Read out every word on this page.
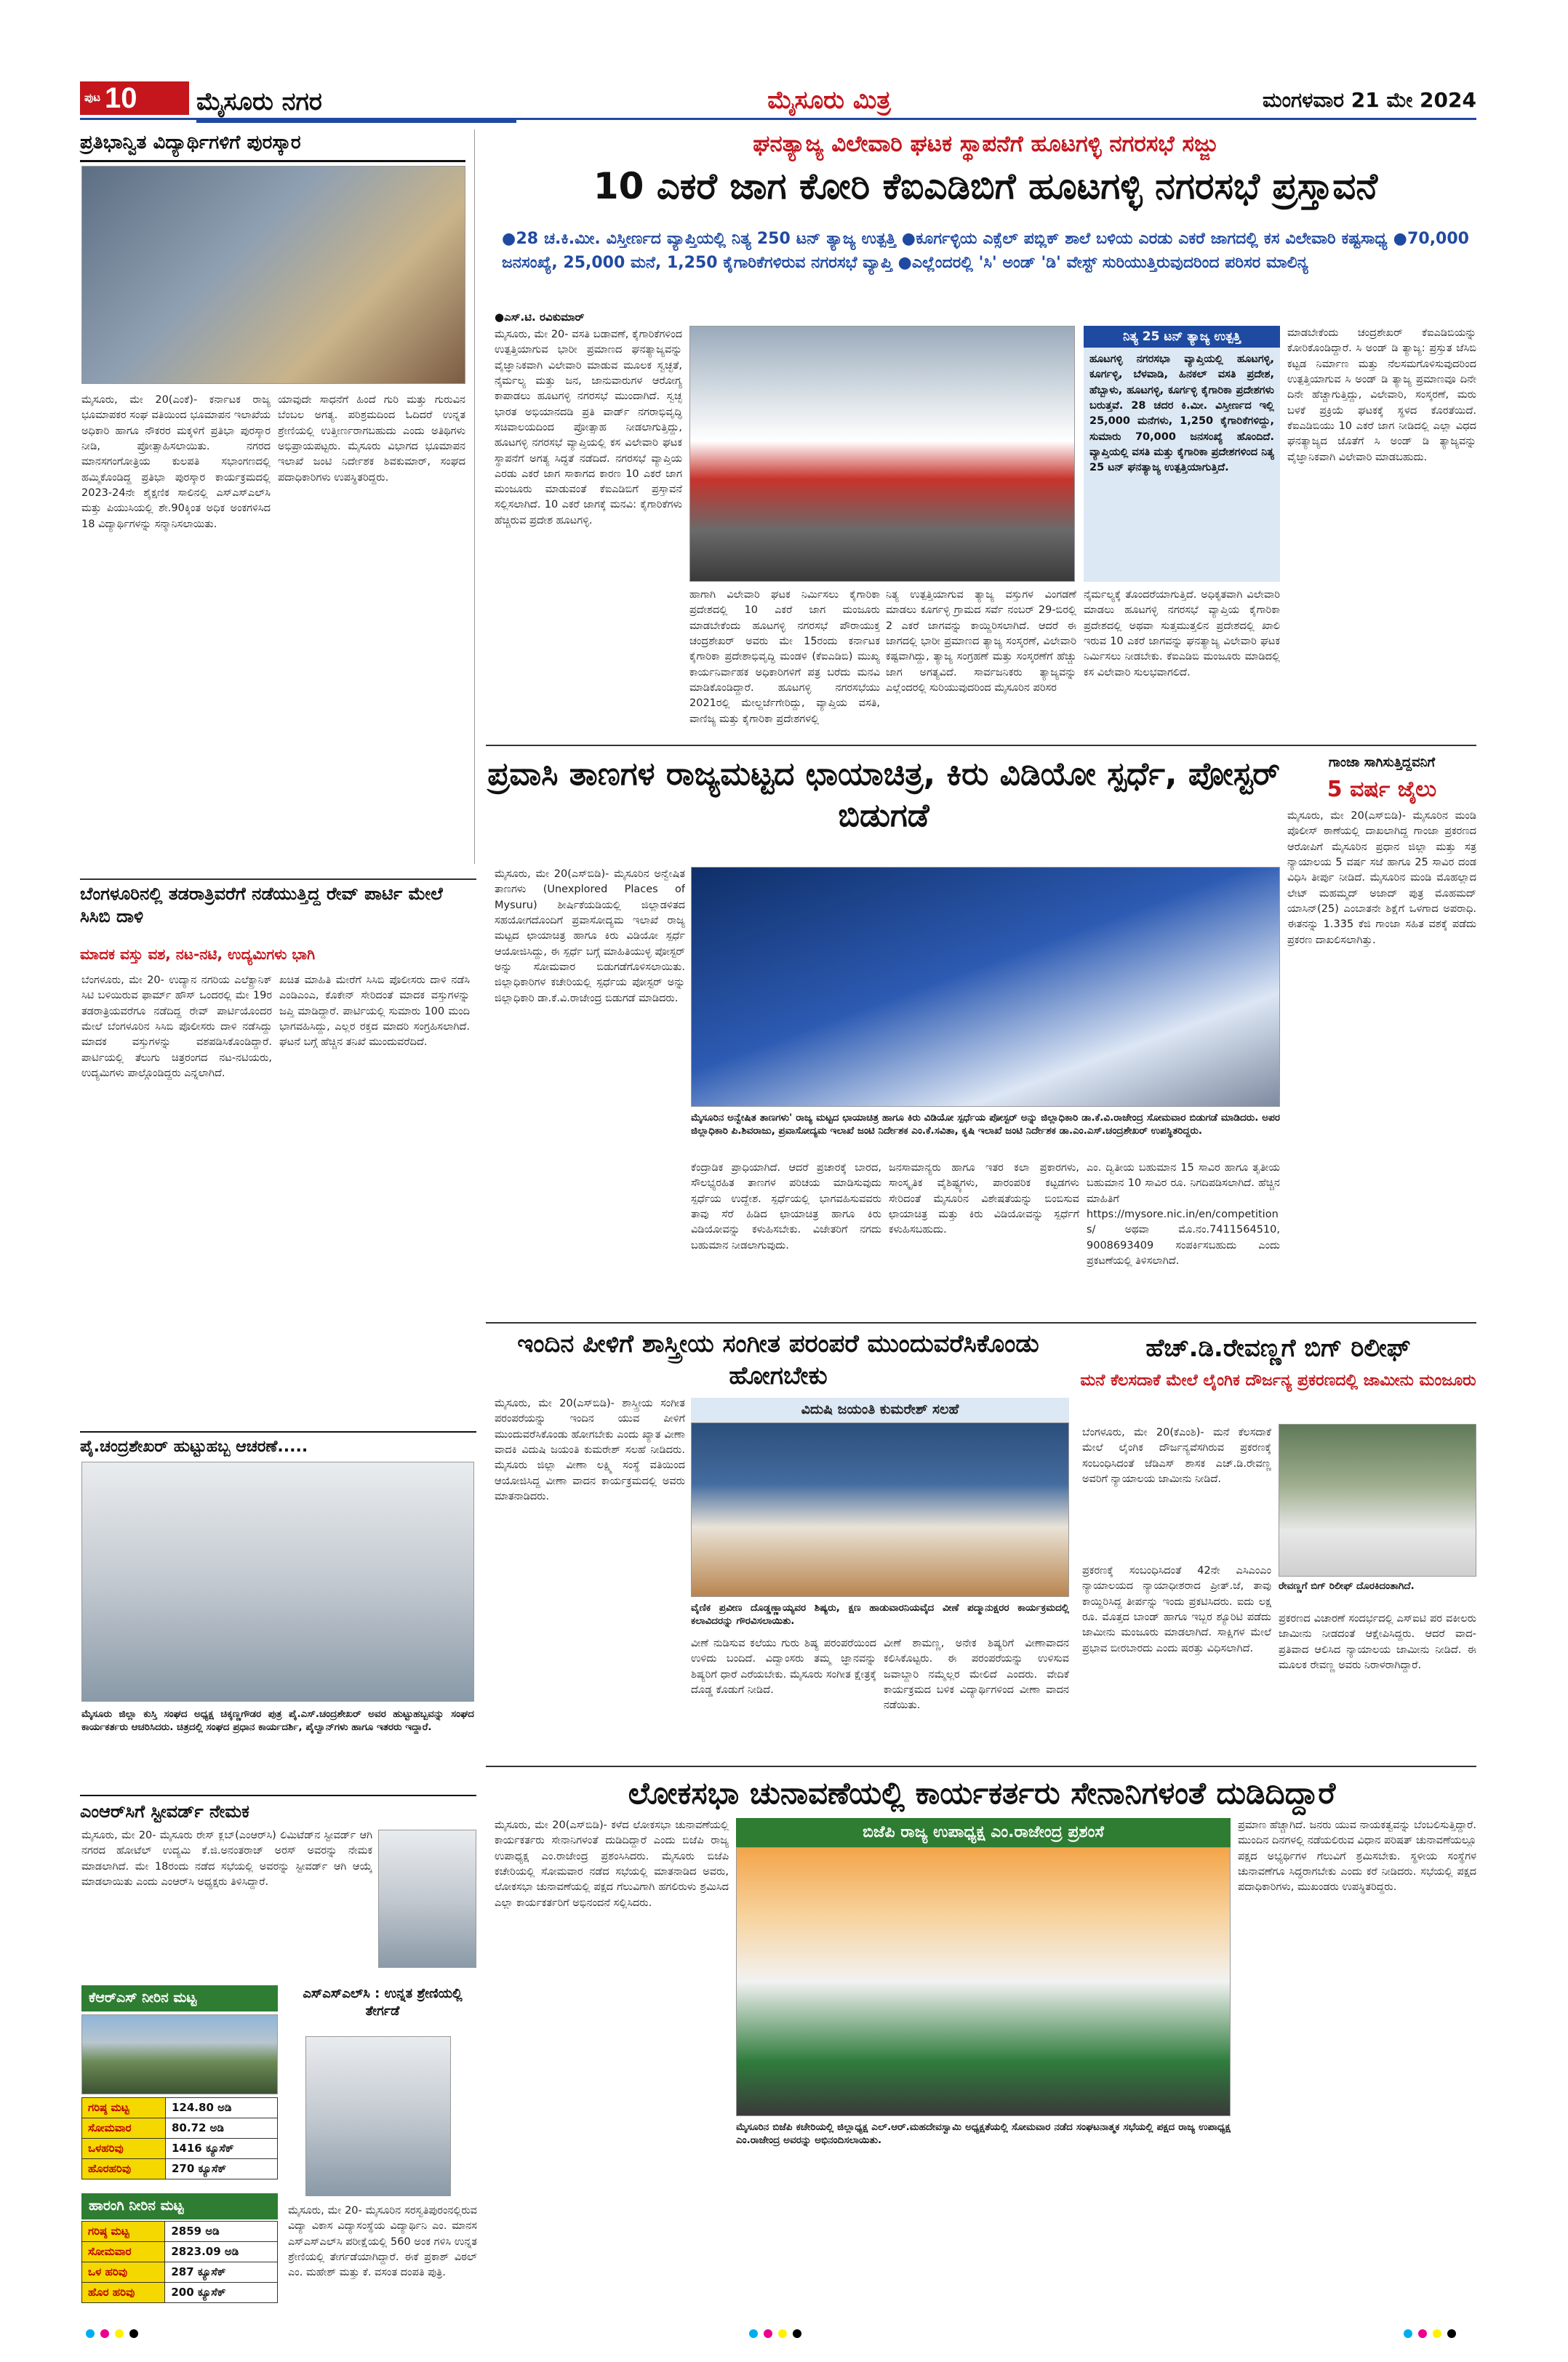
ಪುಟ 10 ಮೈಸೂರು ನಗರ	ಮೈಸೂರು ಮಿತ್ರ	ಮಂಗಳವಾರ 21 ಮೇ 2024
ಪ್ರತಿಭಾನ್ವಿತ ವಿದ್ಯಾರ್ಥಿಗಳಿಗೆ ಪುರಸ್ಕಾರ
ಮೈಸೂರು, ಮೇ 20(ಎಂಕೆ)- ಕರ್ನಾಟಕ ರಾಜ್ಯ ಭೂಮಾಪಕರ ಸಂಘ ವತಿಯಿಂದ ಭೂಮಾಪನ ಇಲಾಖೆಯ ಅಧಿಕಾರಿ ಹಾಗೂ ನೌಕರರ ಮಕ್ಕಳಿಗೆ ಪ್ರತಿಭಾ ಪುರಸ್ಕಾರ ನೀಡಿ, ಪ್ರೋತ್ಸಾಹಿಸಲಾಯಿತು. ನಗರದ ಮಾನಸಗಂಗೋತ್ರಿಯ ಕುಲಪತಿ ಸಭಾಂಗಣದಲ್ಲಿ ಹಮ್ಮಿಕೊಂಡಿದ್ದ ಪ್ರತಿಭಾ ಪುರಸ್ಕಾರ ಕಾರ್ಯಕ್ರಮದಲ್ಲಿ 2023-24ನೇ ಶೈಕ್ಷಣಿಕ ಸಾಲಿನಲ್ಲಿ ಎಸ್‌ಎಸ್‌ಎಲ್‌ಸಿ ಮತ್ತು ಪಿಯುಸಿಯಲ್ಲಿ ಶೇ.90ಕ್ಕಿಂತ ಅಧಿಕ ಅಂಕಗಳಿಸಿದ 18 ವಿದ್ಯಾರ್ಥಿಗಳನ್ನು ಸನ್ಮಾನಿಸಲಾಯಿತು.
ಯಾವುದೇ ಸಾಧನೆಗೆ ಹಿಂದೆ ಗುರಿ ಮತ್ತು ಗುರುವಿನ ಬೆಂಬಲ ಅಗತ್ಯ. ಪರಿಶ್ರಮದಿಂದ ಓದಿದರೆ ಉನ್ನತ ಶ್ರೇಣಿಯಲ್ಲಿ ಉತ್ತೀರ್ಣರಾಗಬಹುದು ಎಂದು ಅತಿಥಿಗಳು ಅಭಿಪ್ರಾಯಪಟ್ಟರು. ಮೈಸೂರು ವಿಭಾಗದ ಭೂಮಾಪನ ಇಲಾಖೆ ಜಂಟಿ ನಿರ್ದೇಶಕ ಶಿವಕುಮಾರ್, ಸಂಘದ ಪದಾಧಿಕಾರಿಗಳು ಉಪಸ್ಥಿತರಿದ್ದರು.
ಬೆಂಗಳೂರಿನಲ್ಲಿ ತಡರಾತ್ರಿವರೆಗೆ ನಡೆಯುತ್ತಿದ್ದ ರೇವ್ ಪಾರ್ಟಿ ಮೇಲೆ ಸಿಸಿಬಿ ದಾಳಿ
ಮಾದಕ ವಸ್ತು ವಶ, ನಟ-ನಟಿ, ಉದ್ಯಮಿಗಳು ಭಾಗಿ
ಬೆಂಗಳೂರು, ಮೇ 20- ಉದ್ಯಾನ ನಗರಿಯ ಎಲೆಕ್ಟ್ರಾನಿಕ್ ಸಿಟಿ ಬಳಿಯಿರುವ ಫಾರ್ಮ್ ಹೌಸ್ ಒಂದರಲ್ಲಿ ಮೇ 19ರ ತಡರಾತ್ರಿಯವರೆಗೂ ನಡೆದಿದ್ದ ರೇವ್ ಪಾರ್ಟಿಯೊಂದರ ಮೇಲೆ ಬೆಂಗಳೂರಿನ ಸಿಸಿಬಿ ಪೊಲೀಸರು ದಾಳಿ ನಡೆಸಿದ್ದು ಮಾದಕ ವಸ್ತುಗಳನ್ನು ವಶಪಡಿಸಿಕೊಂಡಿದ್ದಾರೆ. ಪಾರ್ಟಿಯಲ್ಲಿ ತೆಲುಗು ಚಿತ್ರರಂಗದ ನಟ-ನಟಿಯರು, ಉದ್ಯಮಿಗಳು ಪಾಲ್ಗೊಂಡಿದ್ದರು ಎನ್ನಲಾಗಿದೆ.
ಖಚಿತ ಮಾಹಿತಿ ಮೇರೆಗೆ ಸಿಸಿಬಿ ಪೊಲೀಸರು ದಾಳಿ ನಡೆಸಿ ಎಂಡಿಎಂಎ, ಕೊಕೇನ್ ಸೇರಿದಂತೆ ಮಾದಕ ವಸ್ತುಗಳನ್ನು ಜಪ್ತಿ ಮಾಡಿದ್ದಾರೆ. ಪಾರ್ಟಿಯಲ್ಲಿ ಸುಮಾರು 100 ಮಂದಿ ಭಾಗವಹಿಸಿದ್ದು, ಎಲ್ಲರ ರಕ್ತದ ಮಾದರಿ ಸಂಗ್ರಹಿಸಲಾಗಿದೆ. ಘಟನೆ ಬಗ್ಗೆ ಹೆಚ್ಚಿನ ತನಿಖೆ ಮುಂದುವರೆದಿದೆ.
ಪೈ.ಚಂದ್ರಶೇಖರ್ ಹುಟ್ಟುಹಬ್ಬ ಆಚರಣೆ.....
ಮೈಸೂರು ಜಿಲ್ಲಾ ಕುಸ್ತಿ ಸಂಘದ ಅಧ್ಯಕ್ಷ ಚಿಕ್ಕಣ್ಣಗೌಡರ ಪುತ್ರ ಪೈ.ಎಸ್.ಚಂದ್ರಶೇಖರ್ ಅವರ ಹುಟ್ಟುಹಬ್ಬವನ್ನು ಸಂಘದ ಕಾರ್ಯಕರ್ತರು ಆಚರಿಸಿದರು. ಚಿತ್ರದಲ್ಲಿ ಸಂಘದ ಪ್ರಧಾನ ಕಾರ್ಯದರ್ಶಿ, ಪೈಲ್ವಾನ್‌ಗಳು ಹಾಗೂ ಇತರರು ಇದ್ದಾರೆ.
ಎಂಆರ್‌ಸಿಗೆ ಸ್ಟೀವರ್ಡ್ ನೇಮಕ
ಮೈಸೂರು, ಮೇ 20- ಮೈಸೂರು ರೇಸ್ ಕ್ಲಬ್(ಎಂಆರ್‌ಸಿ) ಲಿಮಿಟೆಡ್‌ನ ಸ್ಟೀವರ್ಡ್ ಆಗಿ ನಗರದ ಹೋಟೆಲ್ ಉದ್ಯಮಿ ಕೆ.ಜಿ.ಅನಂತರಾಜ್ ಅರಸ್ ಅವರನ್ನು ನೇಮಕ ಮಾಡಲಾಗಿದೆ. ಮೇ 18ರಂದು ನಡೆದ ಸಭೆಯಲ್ಲಿ ಅವರನ್ನು ಸ್ಟೀವರ್ಡ್ ಆಗಿ ಆಯ್ಕೆ ಮಾಡಲಾಯಿತು ಎಂದು ಎಂಆರ್‌ಸಿ ಅಧ್ಯಕ್ಷರು ತಿಳಿಸಿದ್ದಾರೆ.
ಕೆಆರ್‌ಎಸ್ ನೀರಿನ ಮಟ್ಟ
ಗರಿಷ್ಠ ಮಟ್ಟ	124.80 ಅಡಿ
ಸೋಮವಾರ	80.72 ಅಡಿ
ಒಳಹರಿವು	1416 ಕ್ಯೂಸೆಕ್
ಹೊರಹರಿವು	270 ಕ್ಯೂಸೆಕ್
ಎಸ್‌ಎಸ್‌ಎಲ್‌ಸಿ : ಉನ್ನತ ಶ್ರೇಣಿಯಲ್ಲಿ ತೇರ್ಗಡೆ
ಮೈಸೂರು, ಮೇ 20- ಮೈಸೂರಿನ ಸರಸ್ವತಿಪುರಂನಲ್ಲಿರುವ ವಿದ್ಯಾ ವಿಕಾಸ ವಿದ್ಯಾಸಂಸ್ಥೆಯ ವಿದ್ಯಾರ್ಥಿನಿ ಎಂ. ಮಾನಸ ಎಸ್‌ಎಸ್‌ಎಲ್‌ಸಿ ಪರೀಕ್ಷೆಯಲ್ಲಿ 560 ಅಂಕ ಗಳಿಸಿ ಉನ್ನತ ಶ್ರೇಣಿಯಲ್ಲಿ ತೇರ್ಗಡೆಯಾಗಿದ್ದಾರೆ. ಈಕೆ ಪ್ರಕಾಶ್ ವಿಠಲ್ ಎಂ. ಮಹೇಶ್ ಮತ್ತು ಕೆ. ವಸಂತ ದಂಪತಿ ಪುತ್ರಿ.
ಘನತ್ಯಾಜ್ಯ ವಿಲೇವಾರಿ ಘಟಕ ಸ್ಥಾಪನೆಗೆ ಹೂಟಗಳ್ಳಿ ನಗರಸಭೆ ಸಜ್ಜು
10 ಎಕರೆ ಜಾಗ ಕೋರಿ ಕೆಐಎಡಿಬಿಗೆ ಹೂಟಗಳ್ಳಿ ನಗರಸಭೆ ಪ್ರಸ್ತಾವನೆ
●28 ಚ.ಕಿ.ಮೀ. ವಿಸ್ತೀರ್ಣದ ವ್ಯಾಪ್ತಿಯಲ್ಲಿ ನಿತ್ಯ 250 ಟನ್ ತ್ಯಾಜ್ಯ ಉತ್ಪತ್ತಿ ●ಕೂರ್ಗಳ್ಳಿಯ ಎಕ್ಸೆಲ್ ಪಬ್ಲಿಕ್ ಶಾಲೆ ಬಳಿಯ ಎರಡು ಎಕರೆ ಜಾಗದಲ್ಲಿ ಕಸ ವಿಲೇವಾರಿ ಕಷ್ಟಸಾಧ್ಯ ●70,000 ಜನಸಂಖ್ಯೆ, 25,000 ಮನೆ, 1,250 ಕೈಗಾರಿಕೆಗಳಿರುವ ನಗರಸಭೆ ವ್ಯಾಪ್ತಿ ●ಎಲ್ಲೆಂದರಲ್ಲಿ 'ಸಿ' ಅಂಡ್ 'ಡಿ' ವೇಸ್ಟ್ ಸುರಿಯುತ್ತಿರುವುದರಿಂದ ಪರಿಸರ ಮಾಲಿನ್ಯ
●ಎಸ್.ಟಿ. ರವಿಕುಮಾರ್
ಮೈಸೂರು, ಮೇ 20- ವಸತಿ ಬಡಾವಣೆ, ಕೈಗಾರಿಕೆಗಳಿಂದ ಉತ್ಪತ್ತಿಯಾಗುವ ಭಾರೀ ಪ್ರಮಾಣದ ಘನತ್ಯಾಜ್ಯವನ್ನು ವೈಜ್ಞಾನಿಕವಾಗಿ ವಿಲೇವಾರಿ ಮಾಡುವ ಮೂಲಕ ಸ್ವಚ್ಛತೆ, ನೈರ್ಮಲ್ಯ ಮತ್ತು ಜನ, ಜಾನುವಾರುಗಳ ಆರೋಗ್ಯ ಕಾಪಾಡಲು ಹೂಟಗಳ್ಳಿ ನಗರಸಭೆ ಮುಂದಾಗಿದೆ. ಸ್ವಚ್ಛ ಭಾರತ ಅಭಿಯಾನದಡಿ ಪ್ರತಿ ವಾರ್ಡ್ ನಗರಾಭಿವೃದ್ಧಿ ಸಚಿವಾಲಯದಿಂದ ಪ್ರೋತ್ಸಾಹ ನೀಡಲಾಗುತ್ತಿದ್ದು, ಹೂಟಗಳ್ಳಿ ನಗರಸಭೆ ವ್ಯಾಪ್ತಿಯಲ್ಲಿ ಕಸ ವಿಲೇವಾರಿ ಘಟಕ ಸ್ಥಾಪನೆಗೆ ಅಗತ್ಯ ಸಿದ್ಧತೆ ನಡೆದಿದೆ. ನಗರಸಭೆ ವ್ಯಾಪ್ತಿಯ ಎರಡು ಎಕರೆ ಜಾಗ ಸಾಕಾಗದ ಕಾರಣ 10 ಎಕರೆ ಜಾಗ ಮಂಜೂರು ಮಾಡುವಂತೆ ಕೆಐಎಡಿಬಿಗೆ ಪ್ರಸ್ತಾವನೆ ಸಲ್ಲಿಸಲಾಗಿದೆ. 10 ಎಕರೆ ಜಾಗಕ್ಕೆ ಮನವಿ: ಕೈಗಾರಿಕೆಗಳು ಹೆಚ್ಚಿರುವ ಪ್ರದೇಶ ಹೂಟಗಳ್ಳಿ.
ನಿತ್ಯ 25 ಟನ್ ತ್ಯಾಜ್ಯ ಉತ್ಪತ್ತಿ
ಹೂಟಗಳ್ಳಿ ನಗರಸಭಾ ವ್ಯಾಪ್ತಿಯಲ್ಲಿ ಹೂಟಗಳ್ಳಿ, ಕೂರ್ಗಳ್ಳಿ, ಬೆಳವಾಡಿ, ಹಿನಕಲ್ ವಸತಿ ಪ್ರದೇಶ, ಹೆಬ್ಬಾಳು, ಹೂಟಗಳ್ಳಿ, ಕೂರ್ಗಳ್ಳಿ ಕೈಗಾರಿಕಾ ಪ್ರದೇಶಗಳು ಬರುತ್ತವೆ. 28 ಚದರ ಕಿ.ಮೀ. ವಿಸ್ತೀರ್ಣದ ಇಲ್ಲಿ 25,000 ಮನೆಗಳು, 1,250 ಕೈಗಾರಿಕೆಗಳಿದ್ದು, ಸುಮಾರು 70,000 ಜನಸಂಖ್ಯೆ ಹೊಂದಿದೆ. ವ್ಯಾಪ್ತಿಯಲ್ಲಿ ವಸತಿ ಮತ್ತು ಕೈಗಾರಿಕಾ ಪ್ರದೇಶಗಳಿಂದ ನಿತ್ಯ 25 ಟನ್ ಘನತ್ಯಾಜ್ಯ ಉತ್ಪತ್ತಿಯಾಗುತ್ತಿದೆ.
ಹಾಗಾಗಿ ವಿಲೇವಾರಿ ಘಟಕ ನಿರ್ಮಿಸಲು ಕೈಗಾರಿಕಾ ಪ್ರದೇಶದಲ್ಲಿ 10 ಎಕರೆ ಜಾಗ ಮಂಜೂರು ಮಾಡಬೇಕೆಂದು ಹೂಟಗಳ್ಳಿ ನಗರಸಭೆ ಪೌರಾಯುಕ್ತ ಚಂದ್ರಶೇಖರ್ ಅವರು ಮೇ 15ರಂದು ಕರ್ನಾಟಕ ಕೈಗಾರಿಕಾ ಪ್ರದೇಶಾಭಿವೃದ್ಧಿ ಮಂಡಳಿ (ಕೆಐಎಡಿಬಿ) ಮುಖ್ಯ ಕಾರ್ಯನಿರ್ವಾಹಕ ಅಧಿಕಾರಿಗಳಿಗೆ ಪತ್ರ ಬರೆದು ಮನವಿ ಮಾಡಿಕೊಂಡಿದ್ದಾರೆ. ಹೂಟಗಳ್ಳಿ ನಗರಸಭೆಯು 2021ರಲ್ಲಿ ಮೇಲ್ದರ್ಜೆಗೇರಿದ್ದು, ವ್ಯಾಪ್ತಿಯ ವಸತಿ, ವಾಣಿಜ್ಯ ಮತ್ತು ಕೈಗಾರಿಕಾ ಪ್ರದೇಶಗಳಲ್ಲಿ
ನಿತ್ಯ ಉತ್ಪತ್ತಿಯಾಗುವ ತ್ಯಾಜ್ಯ ವಸ್ತುಗಳ ವಿಂಗಡಣೆ ಮಾಡಲು ಕೂರ್ಗಳ್ಳಿ ಗ್ರಾಮದ ಸರ್ವೆ ನಂಬರ್ 29-ಬಿರಲ್ಲಿ 2 ಎಕರೆ ಜಾಗವನ್ನು ಕಾಯ್ದಿರಿಸಲಾಗಿದೆ. ಆದರೆ ಈ ಜಾಗದಲ್ಲಿ ಭಾರೀ ಪ್ರಮಾಣದ ತ್ಯಾಜ್ಯ ಸಂಸ್ಕರಣೆ, ವಿಲೇವಾರಿ ಕಷ್ಟವಾಗಿದ್ದು, ತ್ಯಾಜ್ಯ ಸಂಗ್ರಹಣೆ ಮತ್ತು ಸಂಸ್ಕರಣೆಗೆ ಹೆಚ್ಚು ಜಾಗ ಅಗತ್ಯವಿದೆ. ಸಾರ್ವಜನಿಕರು ತ್ಯಾಜ್ಯವನ್ನು ಎಲ್ಲೆಂದರಲ್ಲಿ ಸುರಿಯುವುದರಿಂದ ಮೈಸೂರಿನ ಪರಿಸರ
ನೈರ್ಮಲ್ಯಕ್ಕೆ ತೊಂದರೆಯಾಗುತ್ತಿದೆ. ಅಧಿಕೃತವಾಗಿ ವಿಲೇವಾರಿ ಮಾಡಲು ಹೂಟಗಳ್ಳಿ ನಗರಸಭೆ ವ್ಯಾಪ್ತಿಯ ಕೈಗಾರಿಕಾ ಪ್ರದೇಶದಲ್ಲಿ ಅಥವಾ ಸುತ್ತಮುತ್ತಲಿನ ಪ್ರದೇಶದಲ್ಲಿ ಖಾಲಿ ಇರುವ 10 ಎಕರೆ ಜಾಗವನ್ನು ಘನತ್ಯಾಜ್ಯ ವಿಲೇವಾರಿ ಘಟಕ ನಿರ್ಮಿಸಲು ನೀಡಬೇಕು. ಕೆಐಎಡಿಬಿ ಮಂಜೂರು ಮಾಡಿದಲ್ಲಿ ಕಸ ವಿಲೇವಾರಿ ಸುಲಭವಾಗಲಿದೆ.
ಮಾಡಬೇಕೆಂದು ಚಂದ್ರಶೇಖರ್ ಕೆಐಎಡಿಬಿಯನ್ನು ಕೋರಿಕೊಂಡಿದ್ದಾರೆ. ಸಿ ಅಂಡ್ ಡಿ ತ್ಯಾಜ್ಯ: ಪ್ರಸ್ತುತ ಜೆಸಿಬಿ ಕಟ್ಟಡ ನಿರ್ಮಾಣ ಮತ್ತು ನೆಲಸಮಗೊಳಿಸುವುದರಿಂದ ಉತ್ಪತ್ತಿಯಾಗುವ ಸಿ ಅಂಡ್ ಡಿ ತ್ಯಾಜ್ಯ ಪ್ರಮಾಣವೂ ದಿನೇ ದಿನೇ ಹೆಚ್ಚಾಗುತ್ತಿದ್ದು, ವಿಲೇವಾರಿ, ಸಂಸ್ಕರಣೆ, ಮರು ಬಳಕೆ ಪ್ರಕ್ರಿಯೆ ಘಟಕಕ್ಕೆ ಸ್ಥಳದ ಕೊರತೆಯಿದೆ. ಕೆಐಎಡಿಬಿಯು 10 ಎಕರೆ ಜಾಗ ನೀಡಿದಲ್ಲಿ ಎಲ್ಲಾ ವಿಧದ ಘನತ್ಯಾಜ್ಯದ ಜೊತೆಗೆ ಸಿ ಅಂಡ್ ಡಿ ತ್ಯಾಜ್ಯವನ್ನು ವೈಜ್ಞಾನಿಕವಾಗಿ ವಿಲೇವಾರಿ ಮಾಡಬಹುದು.
ಪ್ರವಾಸಿ ತಾಣಗಳ ರಾಜ್ಯಮಟ್ಟದ ಛಾಯಾಚಿತ್ರ, ಕಿರು ವಿಡಿಯೋ ಸ್ಪರ್ಧೆ, ಪೋಸ್ಟರ್ ಬಿಡುಗಡೆ
ಮೈಸೂರು, ಮೇ 20(ಎಸ್‌ಬಿಡಿ)- ಮೈಸೂರಿನ ಅನ್ವೇಷಿತ ತಾಣಗಳು (Unexplored Places of Mysuru) ಶೀರ್ಷಿಕೆಯಡಿಯಲ್ಲಿ ಜಿಲ್ಲಾಡಳಿತದ ಸಹಯೋಗದೊಂದಿಗೆ ಪ್ರವಾಸೋದ್ಯಮ ಇಲಾಖೆ ರಾಜ್ಯ ಮಟ್ಟದ ಛಾಯಾಚಿತ್ರ ಹಾಗೂ ಕಿರು ವಿಡಿಯೋ ಸ್ಪರ್ಧೆ ಆಯೋಜಿಸಿದ್ದು, ಈ ಸ್ಪರ್ಧೆ ಬಗ್ಗೆ ಮಾಹಿತಿಯುಳ್ಳ ಪೋಸ್ಟರ್ ಅನ್ನು ಸೋಮವಾರ ಬಿಡುಗಡೆಗೊಳಿಸಲಾಯಿತು. ಜಿಲ್ಲಾಧಿಕಾರಿಗಳ ಕಚೇರಿಯಲ್ಲಿ ಸ್ಪರ್ಧೆಯ ಪೋಸ್ಟರ್ ಅನ್ನು ಜಿಲ್ಲಾಧಿಕಾರಿ ಡಾ.ಕೆ.ವಿ.ರಾಜೇಂದ್ರ ಬಿಡುಗಡೆ ಮಾಡಿದರು.
ಮೈಸೂರಿನ ಅನ್ವೇಷಿತ ತಾಣಗಳು' ರಾಜ್ಯ ಮಟ್ಟದ ಛಾಯಾಚಿತ್ರ ಹಾಗೂ ಕಿರು ವಿಡಿಯೋ ಸ್ಪರ್ಧೆಯ ಪೋಸ್ಟರ್ ಅನ್ನು ಜಿಲ್ಲಾಧಿಕಾರಿ ಡಾ.ಕೆ.ವಿ.ರಾಜೇಂದ್ರ ಸೋಮವಾರ ಬಿಡುಗಡೆ ಮಾಡಿದರು. ಅಪರ ಜಿಲ್ಲಾಧಿಕಾರಿ ಪಿ.ಶಿವರಾಜು, ಪ್ರವಾಸೋದ್ಯಮ ಇಲಾಖೆ ಜಂಟಿ ನಿರ್ದೇಶಕ ಎಂ.ಕೆ.ಸವಿತಾ, ಕೃಷಿ ಇಲಾಖೆ ಜಂಟಿ ನಿರ್ದೇಶಕ ಡಾ.ಎಂ.ಎಸ್.ಚಂದ್ರಶೇಖರ್ ಉಪಸ್ಥಿತರಿದ್ದರು.
ಕೆಂದ್ರಾಡಿಕ ಪ್ರಾಧಿಯಾಗಿದೆ. ಆದರೆ ಪ್ರಚಾರಕ್ಕೆ ಬಾರದ, ಸೌಲಭ್ಯರಹಿತ ತಾಣಗಳ ಪರಿಚಯ ಮಾಡಿಸುವುದು ಸ್ಪರ್ಧೆಯ ಉದ್ದೇಶ. ಸ್ಪರ್ಧೆಯಲ್ಲಿ ಭಾಗವಹಿಸುವವರು ತಾವು ಸೆರೆ ಹಿಡಿದ ಛಾಯಾಚಿತ್ರ ಹಾಗೂ ಕಿರು ವಿಡಿಯೋವನ್ನು ಕಳುಹಿಸಬೇಕು. ವಿಜೇತರಿಗೆ ನಗದು ಬಹುಮಾನ ನೀಡಲಾಗುವುದು.
ಜನಸಾಮಾನ್ಯರು ಹಾಗೂ ಇತರ ಕಲಾ ಪ್ರಕಾರಗಳು, ಸಾಂಸ್ಕೃತಿಕ ವೈಶಿಷ್ಟ್ಯಗಳು, ಪಾರಂಪರಿಕ ಕಟ್ಟಡಗಳು ಸೇರಿದಂತೆ ಮೈಸೂರಿನ ವಿಶೇಷತೆಯನ್ನು ಬಿಂಬಿಸುವ ಛಾಯಾಚಿತ್ರ ಮತ್ತು ಕಿರು ವಿಡಿಯೋವನ್ನು ಸ್ಪರ್ಧೆಗೆ ಕಳುಹಿಸಬಹುದು.
ಎಂ. ದ್ವಿತೀಯ ಬಹುಮಾನ 15 ಸಾವಿರ ಹಾಗೂ ತೃತೀಯ ಬಹುಮಾನ 10 ಸಾವಿರ ರೂ. ನಿಗದಿಪಡಿಸಲಾಗಿದೆ. ಹೆಚ್ಚಿನ ಮಾಹಿತಿಗೆ https://mysore.nic.in/en/competitions/ ಅಥವಾ ಮೊ.ನಂ.7411564510, 9008693409 ಸಂಪರ್ಕಿಸಬಹುದು ಎಂದು ಪ್ರಕಟಣೆಯಲ್ಲಿ ತಿಳಿಸಲಾಗಿದೆ.
ಗಾಂಜಾ ಸಾಗಿಸುತ್ತಿದ್ದವನಿಗೆ
5 ವರ್ಷ ಜೈಲು
ಮೈಸೂರು, ಮೇ 20(ಎಸ್‌ಬಿಡಿ)- ಮೈಸೂರಿನ ಮಂಡಿ ಪೊಲೀಸ್ ಠಾಣೆಯಲ್ಲಿ ದಾಖಲಾಗಿದ್ದ ಗಾಂಜಾ ಪ್ರಕರಣದ ಆರೋಪಿಗೆ ಮೈಸೂರಿನ ಪ್ರಧಾನ ಜಿಲ್ಲಾ ಮತ್ತು ಸತ್ರ ನ್ಯಾಯಾಲಯ 5 ವರ್ಷ ಸಜೆ ಹಾಗೂ 25 ಸಾವಿರ ದಂಡ ವಿಧಿಸಿ ತೀರ್ಪು ನೀಡಿದೆ. ಮೈಸೂರಿನ ಮಂಡಿ ಮೊಹಲ್ಲಾದ ಲೇಟ್ ಮಹಮ್ಮದ್ ಅಜಾದ್ ಪುತ್ರ ಮೊಹಮದ್ ಯಾಸಿನ್(25) ಎಂಬಾತನೇ ಶಿಕ್ಷೆಗೆ ಒಳಗಾದ ಅಪರಾಧಿ. ಈತನನ್ನು 1.335 ಕೆಜಿ ಗಾಂಜಾ ಸಹಿತ ವಶಕ್ಕೆ ಪಡೆದು ಪ್ರಕರಣ ದಾಖಲಿಸಲಾಗಿತ್ತು.
ಇಂದಿನ ಪೀಳಿಗೆ ಶಾಸ್ತ್ರೀಯ ಸಂಗೀತ ಪರಂಪರೆ ಮುಂದುವರೆಸಿಕೊಂಡು ಹೋಗಬೇಕು
ಮೈಸೂರು, ಮೇ 20(ಎಸ್‌ಬಿಡಿ)- ಶಾಸ್ತ್ರೀಯ ಸಂಗೀತ ಪರಂಪರೆಯನ್ನು ಇಂದಿನ ಯುವ ಪೀಳಿಗೆ ಮುಂದುವರೆಸಿಕೊಂಡು ಹೋಗಬೇಕು ಎಂದು ಖ್ಯಾತ ವೀಣಾ ವಾದಕಿ ವಿದುಷಿ ಜಯಂತಿ ಕುಮರೇಶ್ ಸಲಹೆ ನೀಡಿದರು. ಮೈಸೂರು ಜಿಲ್ಲಾ ವೀಣಾ ಲಕ್ಷ್ಮಿ ಸಂಸ್ಥೆ ವತಿಯಿಂದ ಆಯೋಜಿಸಿದ್ದ ವೀಣಾ ವಾದನ ಕಾರ್ಯಕ್ರಮದಲ್ಲಿ ಅವರು ಮಾತನಾಡಿದರು.
ವಿದುಷಿ ಜಯಂತಿ ಕುಮರೇಶ್ ಸಲಹೆ
ವೈಣಿಕ ಪ್ರವೀಣ ದೊಡ್ಡಣ್ಣಾಯ್ಯವರ ಶಿಷ್ಯರು, ಕ್ಷಣ ಹಾಡುವಾರನಿಯವೈದ ವೀಣೆ ಪದ್ಮಾನುಕ್ಷರರ ಕಾರ್ಯಕ್ರಮದಲ್ಲಿ ಕಲಾವಿದರನ್ನು ಗೌರವಿಸಲಾಯಿತು.
ವೀಣೆ ನುಡಿಸುವ ಕಲೆಯು ಗುರು ಶಿಷ್ಯ ಪರಂಪರೆಯಿಂದ ಉಳಿದು ಬಂದಿದೆ. ವಿದ್ವಾಂಸರು ತಮ್ಮ ಜ್ಞಾನವನ್ನು ಶಿಷ್ಯರಿಗೆ ಧಾರೆ ಎರೆಯಬೇಕು. ಮೈಸೂರು ಸಂಗೀತ ಕ್ಷೇತ್ರಕ್ಕೆ ದೊಡ್ಡ ಕೊಡುಗೆ ನೀಡಿದೆ.
ವೀಣೆ ಶಾಮಣ್ಣ, ಅನೇಕ ಶಿಷ್ಯರಿಗೆ ವೀಣಾವಾದನ ಕಲಿಸಿಕೊಟ್ಟರು. ಈ ಪರಂಪರೆಯನ್ನು ಉಳಿಸುವ ಜವಾಬ್ದಾರಿ ನಮ್ಮೆಲ್ಲರ ಮೇಲಿದೆ ಎಂದರು. ವೇದಿಕೆ ಕಾರ್ಯಕ್ರಮದ ಬಳಿಕ ವಿದ್ಯಾರ್ಥಿಗಳಿಂದ ವೀಣಾ ವಾದನ ನಡೆಯಿತು.
ಹೆಚ್.ಡಿ.ರೇವಣ್ಣಗೆ ಬಿಗ್ ರಿಲೀಫ್
ಮನೆ ಕೆಲಸದಾಕೆ ಮೇಲೆ ಲೈಂಗಿಕ ದೌರ್ಜನ್ಯ ಪ್ರಕರಣದಲ್ಲಿ ಜಾಮೀನು ಮಂಜೂರು
ಬೆಂಗಳೂರು, ಮೇ 20(ಕೆಎಂಶಿ)- ಮನೆ ಕೆಲಸದಾಕೆ ಮೇಲೆ ಲೈಂಗಿಕ ದೌರ್ಜನ್ಯವೆಸಗಿರುವ ಪ್ರಕರಣಕ್ಕೆ ಸಂಬಂಧಿಸಿದಂತೆ ಜೆಡಿಎಸ್ ಶಾಸಕ ಎಚ್.ಡಿ.ರೇವಣ್ಣ ಅವರಿಗೆ ನ್ಯಾಯಾಲಯ ಜಾಮೀನು ನೀಡಿದೆ.
ರೇವಣ್ಣಗೆ ಬಿಗ್ ರಿಲೀಫ್ ದೊರಕಿದಂತಾಗಿದೆ.
ಪ್ರಕರಣಕ್ಕೆ ಸಂಬಂಧಿಸಿದಂತೆ 42ನೇ ಎಸಿಎಂಎಂ ನ್ಯಾಯಾಲಯದ ನ್ಯಾಯಾಧೀಶರಾದ ಪ್ರೀತ್.ಜೆ, ತಾವು ಕಾಯ್ದಿರಿಸಿದ್ದ ತೀರ್ಪನ್ನು ಇಂದು ಪ್ರಕಟಿಸಿದರು. ಐದು ಲಕ್ಷ ರೂ. ಮೊತ್ತದ ಬಾಂಡ್ ಹಾಗೂ ಇಬ್ಬರ ಶ್ಯೂರಿಟಿ ಪಡೆದು ಜಾಮೀನು ಮಂಜೂರು ಮಾಡಲಾಗಿದೆ. ಸಾಕ್ಷಿಗಳ ಮೇಲೆ ಪ್ರಭಾವ ಬೀರಬಾರದು ಎಂದು ಷರತ್ತು ವಿಧಿಸಲಾಗಿದೆ.
ಪ್ರಕರಣದ ವಿಚಾರಣೆ ಸಂದರ್ಭದಲ್ಲಿ ಎಸ್‌ಐಟಿ ಪರ ವಕೀಲರು ಜಾಮೀನು ನೀಡದಂತೆ ಆಕ್ಷೇಪಿಸಿದ್ದರು. ಆದರೆ ವಾದ-ಪ್ರತಿವಾದ ಆಲಿಸಿದ ನ್ಯಾಯಾಲಯ ಜಾಮೀನು ನೀಡಿದೆ. ಈ ಮೂಲಕ ರೇವಣ್ಣ ಅವರು ನಿರಾಳರಾಗಿದ್ದಾರೆ.
ಲೋಕಸಭಾ ಚುನಾವಣೆಯಲ್ಲಿ ಕಾರ್ಯಕರ್ತರು ಸೇನಾನಿಗಳಂತೆ ದುಡಿದಿದ್ದಾರೆ
ಮೈಸೂರು, ಮೇ 20(ಎಸ್‌ಬಿಡಿ)- ಕಳೆದ ಲೋಕಸಭಾ ಚುನಾವಣೆಯಲ್ಲಿ ಕಾರ್ಯಕರ್ತರು ಸೇನಾನಿಗಳಂತೆ ದುಡಿದಿದ್ದಾರೆ ಎಂದು ಬಿಜೆಪಿ ರಾಜ್ಯ ಉಪಾಧ್ಯಕ್ಷ ಎಂ.ರಾಜೇಂದ್ರ ಪ್ರಶಂಸಿಸಿದರು. ಮೈಸೂರು ಬಿಜೆಪಿ ಕಚೇರಿಯಲ್ಲಿ ಸೋಮವಾರ ನಡೆದ ಸಭೆಯಲ್ಲಿ ಮಾತನಾಡಿದ ಅವರು, ಲೋಕಸಭಾ ಚುನಾವಣೆಯಲ್ಲಿ ಪಕ್ಷದ ಗೆಲುವಿಗಾಗಿ ಹಗಲಿರುಳು ಶ್ರಮಿಸಿದ ಎಲ್ಲಾ ಕಾರ್ಯಕರ್ತರಿಗೆ ಅಭಿನಂದನೆ ಸಲ್ಲಿಸಿದರು.
ಬಿಜೆಪಿ ರಾಜ್ಯ ಉಪಾಧ್ಯಕ್ಷ ಎಂ.ರಾಜೇಂದ್ರ ಪ್ರಶಂಸೆ
ಮೈಸೂರಿನ ಬಿಜೆಪಿ ಕಚೇರಿಯಲ್ಲಿ ಜಿಲ್ಲಾಧ್ಯಕ್ಷ ಎಲ್.ಆರ್.ಮಹದೇವಸ್ವಾಮಿ ಅಧ್ಯಕ್ಷತೆಯಲ್ಲಿ ಸೋಮವಾರ ನಡೆದ ಸಂಘಟನಾತ್ಮಕ ಸಭೆಯಲ್ಲಿ ಪಕ್ಷದ ರಾಜ್ಯ ಉಪಾಧ್ಯಕ್ಷ ಎಂ.ರಾಜೇಂದ್ರ ಅವರನ್ನು ಅಭಿನಂದಿಸಲಾಯಿತು.
ಪ್ರಮಾಣ ಹೆಚ್ಚಾಗಿದೆ. ಜನರು ಯುವ ನಾಯಕತ್ವವನ್ನು ಬೆಂಬಲಿಸುತ್ತಿದ್ದಾರೆ. ಮುಂದಿನ ದಿನಗಳಲ್ಲಿ ನಡೆಯಲಿರುವ ವಿಧಾನ ಪರಿಷತ್ ಚುನಾವಣೆಯಲ್ಲೂ ಪಕ್ಷದ ಅಭ್ಯರ್ಥಿಗಳ ಗೆಲುವಿಗೆ ಶ್ರಮಿಸಬೇಕು. ಸ್ಥಳೀಯ ಸಂಸ್ಥೆಗಳ ಚುನಾವಣೆಗೂ ಸಿದ್ಧರಾಗಬೇಕು ಎಂದು ಕರೆ ನೀಡಿದರು. ಸಭೆಯಲ್ಲಿ ಪಕ್ಷದ ಪದಾಧಿಕಾರಿಗಳು, ಮುಖಂಡರು ಉಪಸ್ಥಿತರಿದ್ದರು.
ಹಾರಂಗಿ ನೀರಿನ ಮಟ್ಟ
ಗರಿಷ್ಠ ಮಟ್ಟ	2859 ಅಡಿ
ಸೋಮವಾರ	2823.09 ಅಡಿ
ಒಳ ಹರಿವು	287 ಕ್ಯೂಸೆಕ್
ಹೊರ ಹರಿವು	200 ಕ್ಯೂಸೆಕ್
